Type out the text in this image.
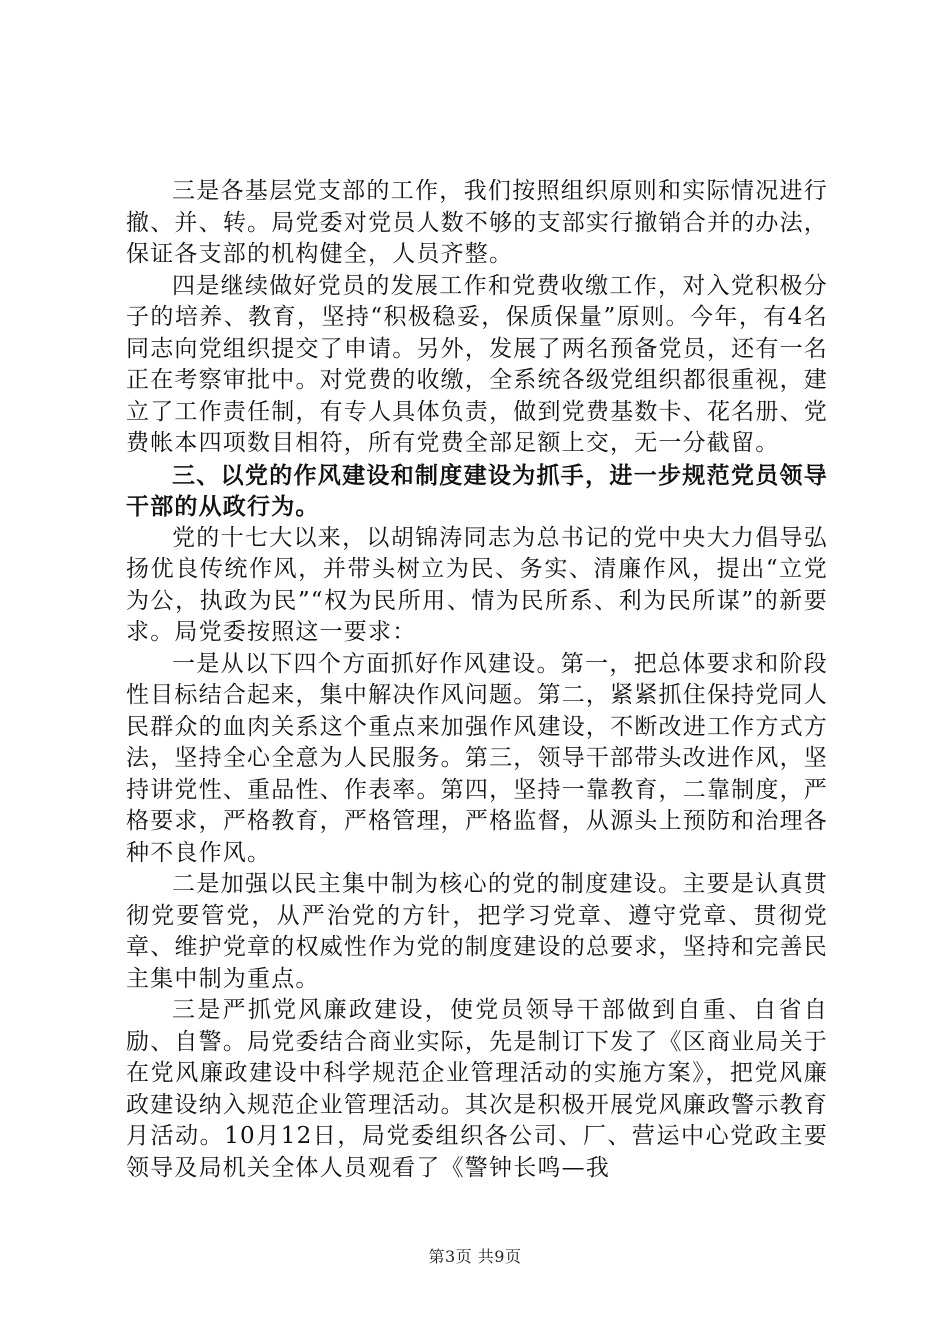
三是各基层党支部的工作，我们按照组织原则和实际情况进行撤、并、转。局党委对党员人数不够的支部实行撤销合并的办法，保证各支部的机构健全，人员齐整。

四是继续做好党员的发展工作和党费收缴工作，对入党积极分子的培养、教育，坚持“积极稳妥，保质保量”原则。今年，有4名同志向党组织提交了申请。另外，发展了两名预备党员，还有一名正在考察审批中。对党费的收缴，全系统各级党组织都很重视，建立了工作责任制，有专人具体负责，做到党费基数卡、花名册、党费帐本四项数目相符，所有党费全部足额上交，无一分截留。

三、以党的作风建设和制度建设为抓手，进一步规范党员领导干部的从政行为。

党的十七大以来，以胡锦涛同志为总书记的党中央大力倡导弘扬优良传统作风，并带头树立为民、务实、清廉作风，提出“立党为公，执政为民”“权为民所用、情为民所系、利为民所谋”的新要求。局党委按照这一要求：

一是从以下四个方面抓好作风建设。第一，把总体要求和阶段性目标结合起来，集中解决作风问题。第二，紧紧抓住保持党同人民群众的血肉关系这个重点来加强作风建设，不断改进工作方式方法，坚持全心全意为人民服务。第三，领导干部带头改进作风，坚持讲党性、重品性、作表率。第四，坚持一靠教育，二靠制度，严格要求，严格教育，严格管理，严格监督，从源头上预防和治理各种不良作风。

二是加强以民主集中制为核心的党的制度建设。主要是认真贯彻党要管党，从严治党的方针，把学习党章、遵守党章、贯彻党章、维护党章的权威性作为党的制度建设的总要求，坚持和完善民主集中制为重点。

三是严抓党风廉政建设，使党员领导干部做到自重、自省自励、自警。局党委结合商业实际，先是制订下发了《区商业局关于在党风廉政建设中科学规范企业管理活动的实施方案》，把党风廉政建设纳入规范企业管理活动。其次是积极开展党风廉政警示教育月活动。10月12日，局党委组织各公司、厂、营运中心党政主要领导及局机关全体人员观看了《警钟长鸣—我

第3页 共9页
